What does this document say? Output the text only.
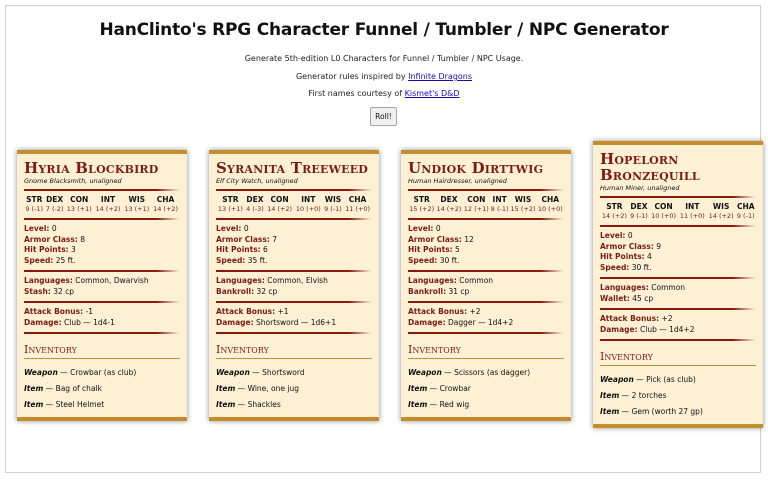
HanClinto's RPG Character Funnel / Tumbler / NPC Generator
Generate 5th-edition L0 Characters for Funnel / Tumbler / NPC Usage.
Generator rules inspired by Infinite Dragons
First names courtesy of Kismet's D&D
Roll!
Hyria Blockbird
Gnome Blacksmith, unaligned
STR	DEX	CON	INT	WIS	CHA
9 (-1)	7 (-2)	13 (+1)	14 (+2)	13 (+1)	14 (+2)
Level: 0
Armor Class: 8
Hit Points: 3
Speed: 25 ft.
Languages: Common, Dwarvish
Stash: 32 cp
Attack Bonus: -1
Damage: Club — 1d4-1
Inventory
Weapon — Crowbar (as club)
Item — Bag of chalk
Item — Steel Helmet
Syranita Treeweed
Elf City Watch, unaligned
STR	DEX	CON	INT	WIS	CHA
13 (+1)	4 (-3)	14 (+2)	10 (+0)	9 (-1)	11 (+0)
Level: 0
Armor Class: 7
Hit Points: 6
Speed: 35 ft.
Languages: Common, Elvish
Bankroll: 32 cp
Attack Bonus: +1
Damage: Shortsword — 1d6+1
Inventory
Weapon — Shortsword
Item — Wine, one jug
Item — Shackles
Undiok Dirttwig
Human Hairdresser, unaligned
STR	DEX	CON	INT	WIS	CHA
15 (+2)	14 (+2)	12 (+1)	8 (-1)	15 (+2)	10 (+0)
Level: 0
Armor Class: 12
Hit Points: 5
Speed: 30 ft.
Languages: Common
Bankroll: 31 cp
Attack Bonus: +2
Damage: Dagger — 1d4+2
Inventory
Weapon — Scissors (as dagger)
Item — Crowbar
Item — Red wig
Hopelorn Bronzequill
Human Miner, unaligned
STR	DEX	CON	INT	WIS	CHA
14 (+2)	9 (-1)	10 (+0)	11 (+0)	14 (+2)	9 (-1)
Level: 0
Armor Class: 9
Hit Points: 4
Speed: 30 ft.
Languages: Common
Wallet: 45 cp
Attack Bonus: +2
Damage: Club — 1d4+2
Inventory
Weapon — Pick (as club)
Item — 2 torches
Item — Gem (worth 27 gp)
